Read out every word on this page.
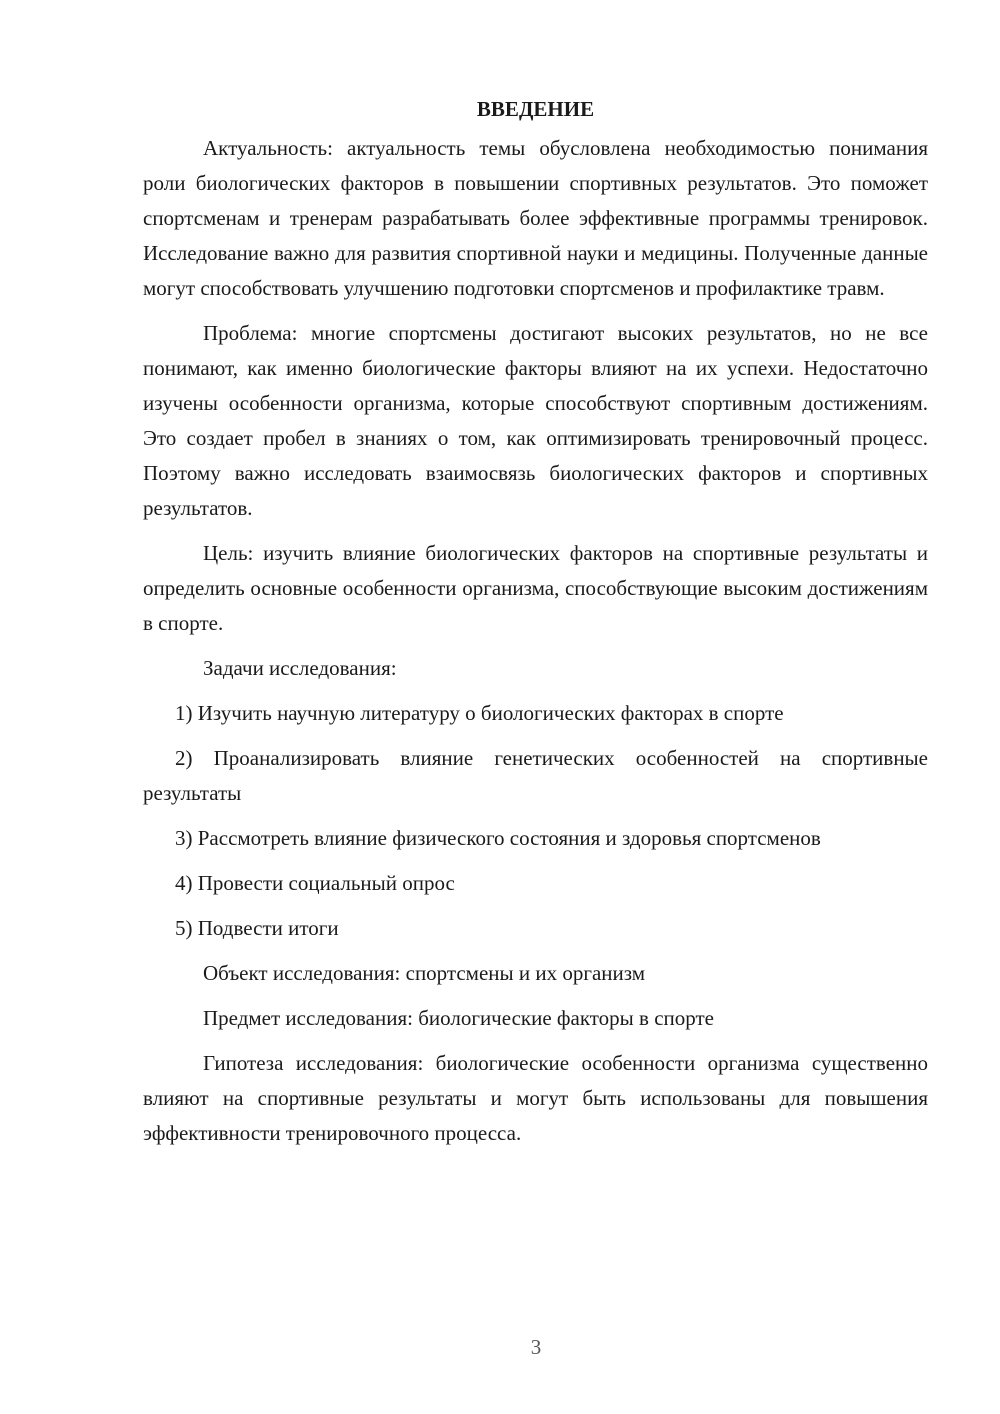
ВВЕДЕНИЕ

Актуальность: актуальность темы обусловлена необходимостью понимания роли биологических факторов в повышении спортивных результатов. Это поможет спортсменам и тренерам разрабатывать более эффективные программы тренировок. Исследование важно для развития спортивной науки и медицины. Полученные данные могут способствовать улучшению подготовки спортсменов и профилактике травм.

Проблема: многие спортсмены достигают высоких результатов, но не все понимают, как именно биологические факторы влияют на их успехи. Недостаточно изучены особенности организма, которые способствуют спортивным достижениям. Это создает пробел в знаниях о том, как оптимизировать тренировочный процесс. Поэтому важно исследовать взаимосвязь биологических факторов и спортивных результатов.

Цель: изучить влияние биологических факторов на спортивные результаты и определить основные особенности организма, способствующие высоким достижениям в спорте.

Задачи исследования:

1) Изучить научную литературу о биологических факторах в спорте

2) Проанализировать влияние генетических особенностей на спортивные результаты

3) Рассмотреть влияние физического состояния и здоровья спортсменов

4) Провести социальный опрос

5) Подвести итоги

Объект исследования: спортсмены и их организм

Предмет исследования: биологические факторы в спорте

Гипотеза исследования: биологические особенности организма существенно влияют на спортивные результаты и могут быть использованы для повышения эффективности тренировочного процесса.

3
